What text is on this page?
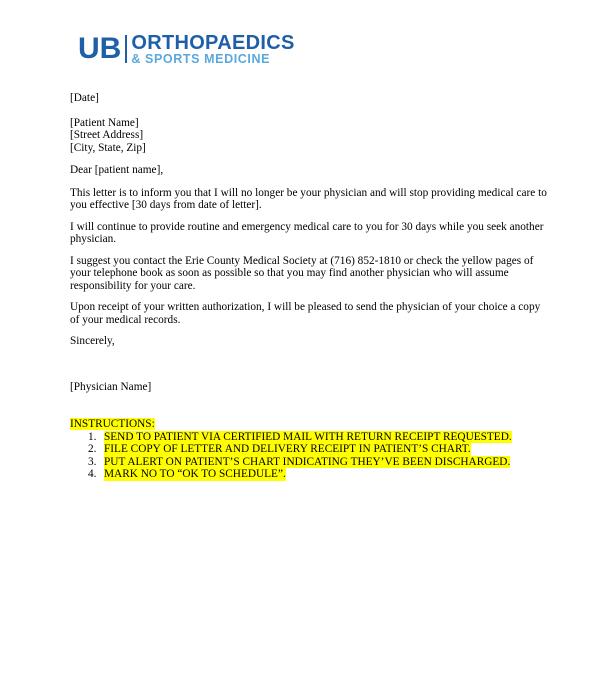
UB ORTHOPAEDICS
& SPORTS MEDICINE
[Date]
[Patient Name]
[Street Address]
[City, State, Zip]
Dear [patient name],
This letter is to inform you that I will no longer be your physician and will stop providing medical care to
you effective [30 days from date of letter].
I will continue to provide routine and emergency medical care to you for 30 days while you seek another
physician.
I suggest you contact the Erie County Medical Society at (716) 852-1810 or check the yellow pages of
your telephone book as soon as possible so that you may find another physician who will assume
responsibility for your care.
Upon receipt of your written authorization, I will be pleased to send the physician of your choice a copy
of your medical records.
Sincerely,
[Physician Name]
INSTRUCTIONS:
1. SEND TO PATIENT VIA CERTIFIED MAIL WITH RETURN RECEIPT REQUESTED.
2. FILE COPY OF LETTER AND DELIVERY RECEIPT IN PATIENT’S CHART.
3. PUT ALERT ON PATIENT’S CHART INDICATING THEY’VE BEEN DISCHARGED.
4. MARK NO TO “OK TO SCHEDULE”.
